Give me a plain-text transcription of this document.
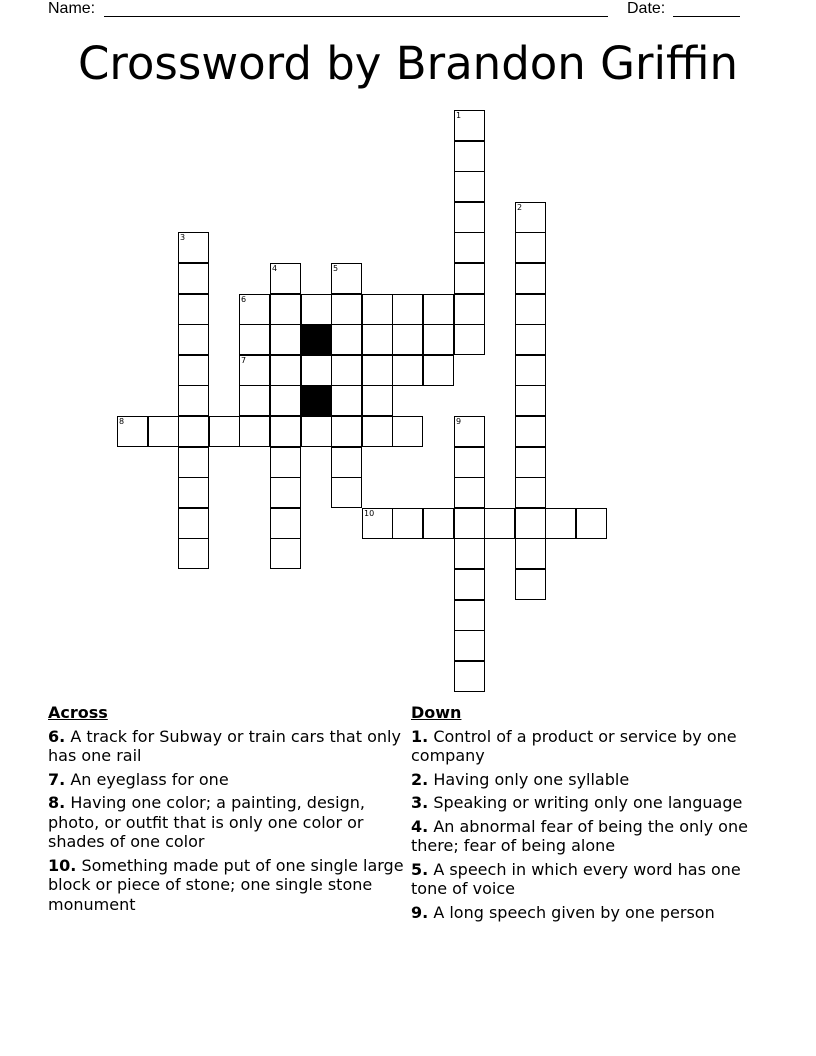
Name:	Date:
Crossword by Brandon Griffin
1
2
3
4	5
9
6
7
8
10
Across
6. A track for Subway or train cars that only has one rail
7. An eyeglass for one
8. Having one color; a painting, design, photo, or outfit that is only one color or shades of one color
10. Something made put of one single large block or piece of stone; one single stone monument
Down
1. Control of a product or service by one company
2. Having only one syllable
3. Speaking or writing only one language
4. An abnormal fear of being the only one there; fear of being alone
5. A speech in which every word has one tone of voice
9. A long speech given by one person
